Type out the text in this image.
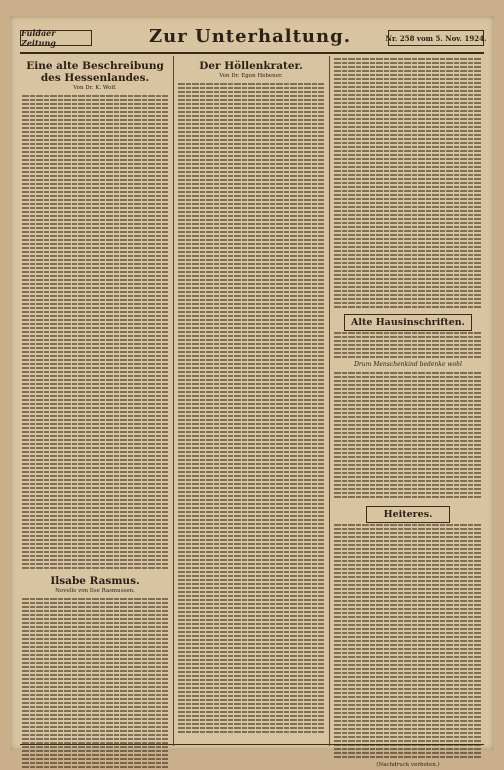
Fuldaer Zeitung	Zur Unterhaltung.	Nr. 258 vom 5. Nov. 1924.
Eine alte Beschreibung des Hessenlandes.
Von Dr. K. Wolf.
Ilsabe Rasmus.
Novelle von Ilse Rasmussen.
Der Höllenkrater.
Von Dr. Egon Hebener.
Alte Hausinschriften.
Drum Menschenkind bedenke wohl
Heiteres.
(Nachdruck verboten.)
